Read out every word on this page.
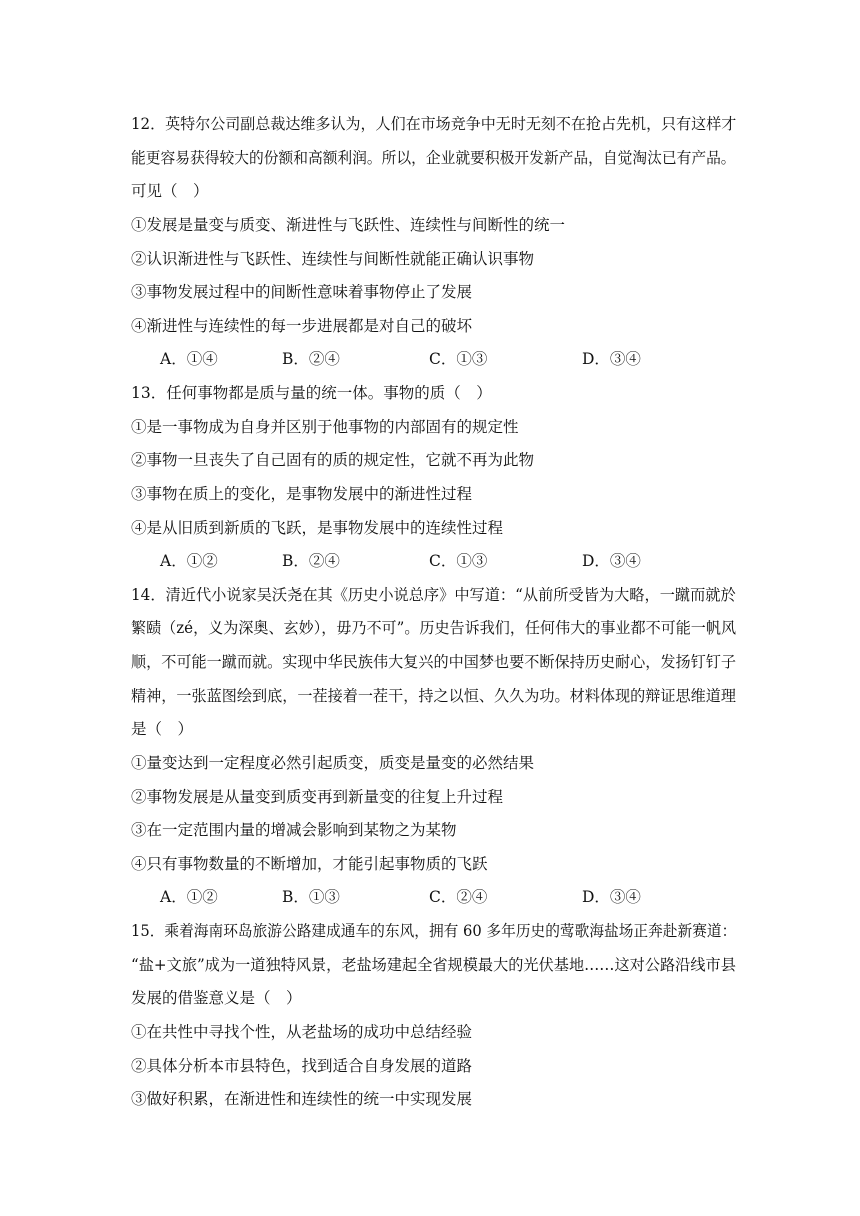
12．英特尔公司副总裁达维多认为，人们在市场竞争中无时无刻不在抢占先机，只有这样才
能更容易获得较大的份额和高额利润。所以，企业就要积极开发新产品，自觉淘汰已有产品。
可见（　）
①发展是量变与质变、渐进性与飞跃性、连续性与间断性的统一
②认识渐进性与飞跃性、连续性与间断性就能正确认识事物
③事物发展过程中的间断性意味着事物停止了发展
④渐进性与连续性的每一步进展都是对自己的破坏
A．①④	B．②④	C．①③	D．③④
13．任何事物都是质与量的统一体。事物的质（　）
①是一事物成为自身并区别于他事物的内部固有的规定性
②事物一旦丧失了自己固有的质的规定性，它就不再为此物
③事物在质上的变化，是事物发展中的渐进性过程
④是从旧质到新质的飞跃，是事物发展中的连续性过程
A．①②	B．②④	C．①③	D．③④
14．清近代小说家吴沃尧在其《历史小说总序》中写道：“从前所受皆为大略，一蹴而就於
繁赜（zé，义为深奥、玄妙），毋乃不可”。历史告诉我们，任何伟大的事业都不可能一帆风
顺，不可能一蹴而就。实现中华民族伟大复兴的中国梦也要不断保持历史耐心，发扬钉钉子
精神，一张蓝图绘到底，一茬接着一茬干，持之以恒、久久为功。材料体现的辩证思维道理
是（　）
①量变达到一定程度必然引起质变，质变是量变的必然结果
②事物发展是从量变到质变再到新量变的往复上升过程
③在一定范围内量的增减会影响到某物之为某物
④只有事物数量的不断增加，才能引起事物质的飞跃
A．①②	B．①③	C．②④	D．③④
15．乘着海南环岛旅游公路建成通车的东风，拥有 60 多年历史的莺歌海盐场正奔赴新赛道：
“盐+文旅”成为一道独特风景，老盐场建起全省规模最大的光伏基地……这对公路沿线市县
发展的借鉴意义是（　）
①在共性中寻找个性，从老盐场的成功中总结经验
②具体分析本市县特色，找到适合自身发展的道路
③做好积累，在渐进性和连续性的统一中实现发展
